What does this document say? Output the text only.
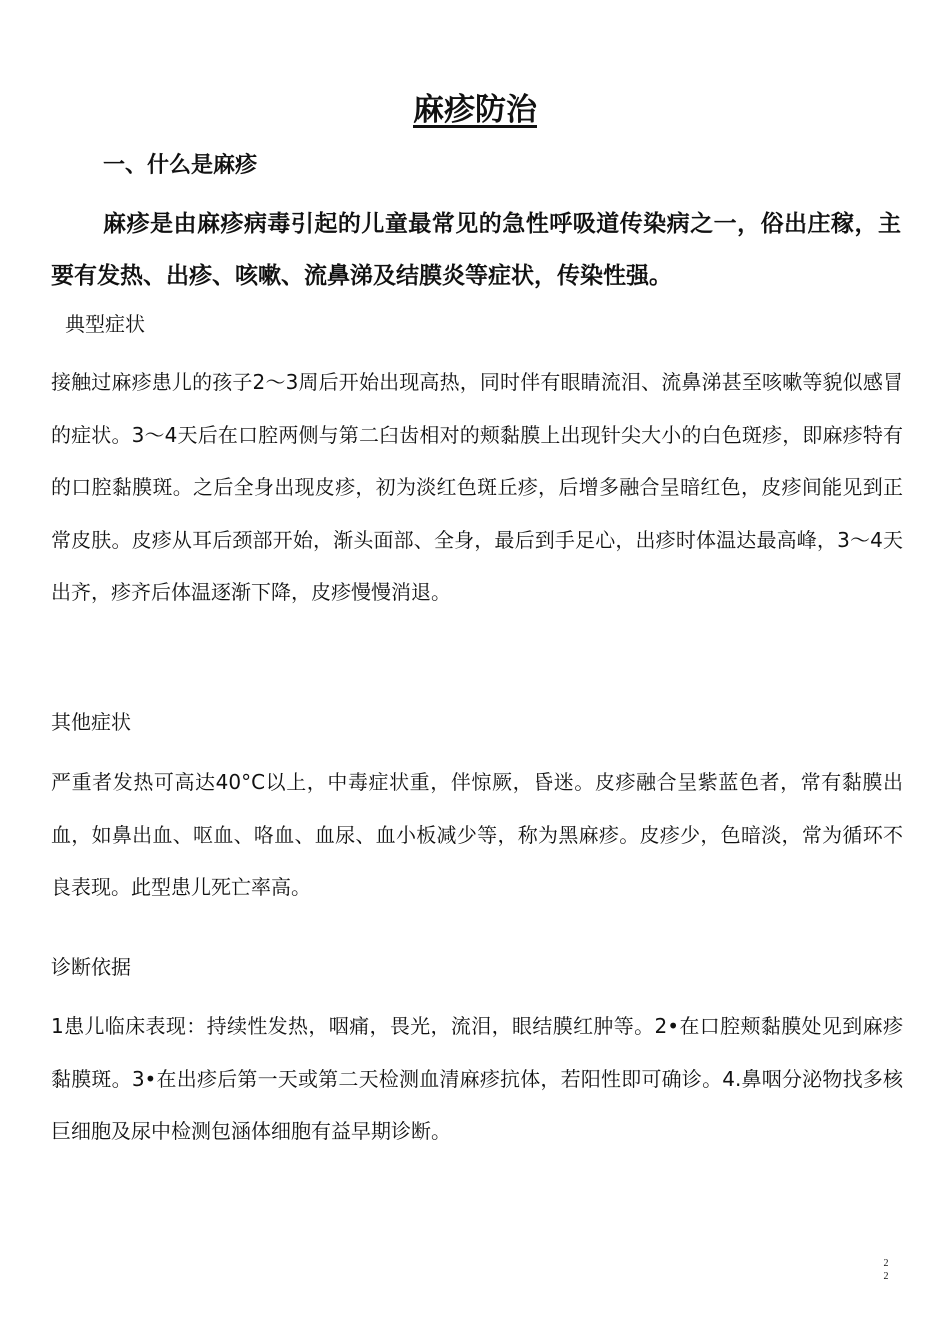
麻疹防治
一、什么是麻疹

麻疹是由麻疹病毒引起的儿童最常见的急性呼吸道传染病之一，俗出庄稼，主要有发热、出疹、咳嗽、流鼻涕及结膜炎等症状，传染性强。

典型症状

接触过麻疹患儿的孩子2〜3周后开始出现高热，同时伴有眼睛流泪、流鼻涕甚至咳嗽等貌似感冒的症状。3〜4天后在口腔两侧与第二臼齿相对的颊黏膜上出现针尖大小的白色斑疹，即麻疹特有的口腔黏膜斑。之后全身出现皮疹，初为淡红色斑丘疹，后增多融合呈暗红色，皮疹间能见到正常皮肤。皮疹从耳后颈部开始，渐头面部、全身，最后到手足心，出疹时体温达最高峰，3〜4天出齐，疹齐后体温逐渐下降，皮疹慢慢消退。

其他症状

严重者发热可高达40°C以上，中毒症状重，伴惊厥，昏迷。皮疹融合呈紫蓝色者，常有黏膜出血，如鼻出血、呕血、咯血、血尿、血小板减少等，称为黑麻疹。皮疹少，色暗淡，常为循环不良表现。此型患儿死亡率高。

诊断依据

1患儿临床表现：持续性发热，咽痛，畏光，流泪，眼结膜红肿等。2•在口腔颊黏膜处见到麻疹黏膜斑。3•在出疹后第一天或第二天检测血清麻疹抗体，若阳性即可确诊。4.鼻咽分泌物找多核巨细胞及尿中检测包涵体细胞有益早期诊断。

2
2
